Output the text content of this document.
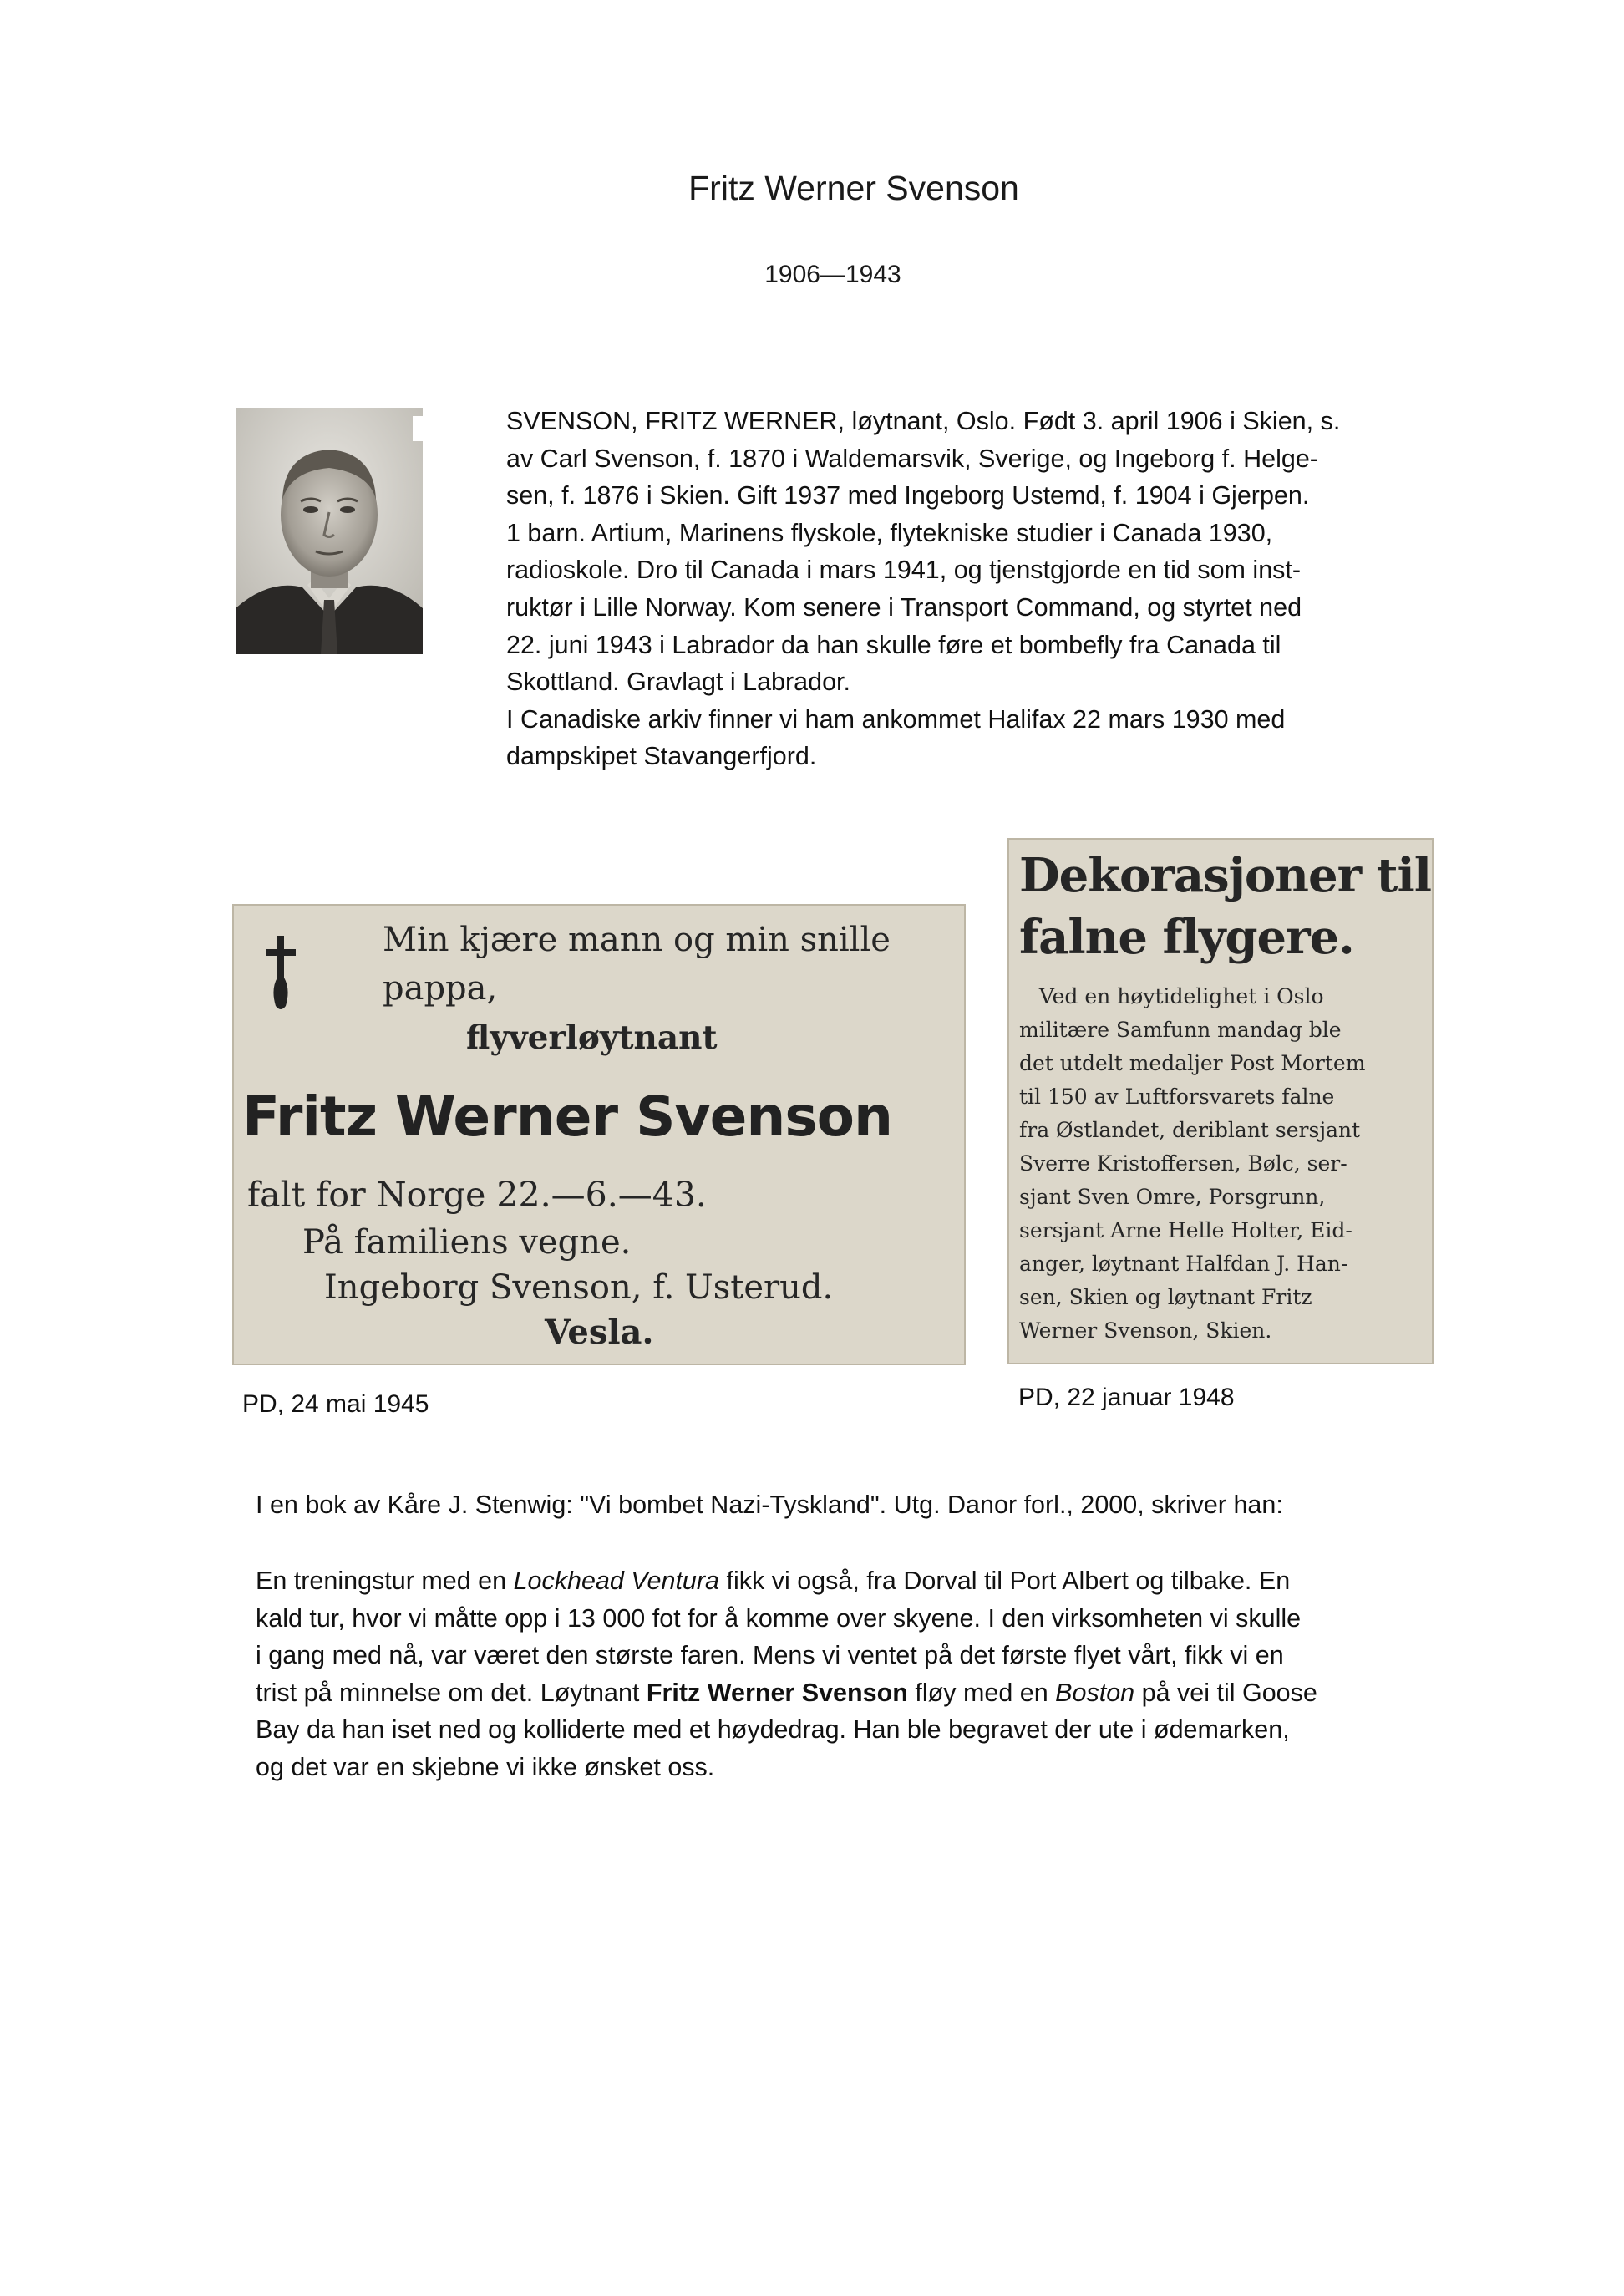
Fritz Werner Svenson
1906—1943
SVENSON, FRITZ WERNER, løytnant, Oslo. Født 3. april 1906 i Skien, s.
av Carl Svenson, f. 1870 i Waldemarsvik, Sverige, og Ingeborg f. Helge-
sen, f. 1876 i Skien. Gift 1937 med Ingeborg Ustemd, f. 1904 i Gjerpen.
1 barn. Artium, Marinens flyskole, flytekniske studier i Canada 1930,
radioskole. Dro til Canada i mars 1941, og tjenstgjorde en tid som inst-
ruktør i Lille Norway. Kom senere i Transport Command, og styrtet ned
22. juni 1943 i Labrador da han skulle føre et bombefly fra Canada til
Skottland. Gravlagt i Labrador.
I Canadiske arkiv finner vi ham ankommet Halifax 22 mars 1930 med
dampskipet Stavangerfjord.
Min kjære mann og min snille
pappa,
flyverløytnant
Fritz Werner Svenson
falt for Norge 22.—6.—43.
På familiens vegne.
Ingeborg Svenson, f. Usterud.
Vesla.
Dekorasjoner til
falne flygere.
Ved en høytidelighet i Oslo
militære Samfunn mandag ble
det utdelt medaljer Post Mortem
til 150 av Luftforsvarets falne
fra Østlandet, deriblant sersjant
Sverre Kristoffersen, Bølc, ser-
sjant Sven Omre, Porsgrunn,
sersjant Arne Helle Holter, Eid-
anger, løytnant Halfdan J. Han-
sen, Skien og løytnant Fritz
Werner Svenson, Skien.
PD, 24 mai 1945	PD, 22 januar 1948
I en bok av Kåre J. Stenwig: "Vi bombet Nazi-Tyskland". Utg. Danor forl., 2000, skriver han:
En treningstur med en Lockhead Ventura fikk vi også, fra Dorval til Port Albert og tilbake. En
kald tur, hvor vi måtte opp i 13 000 fot for å komme over skyene. I den virksomheten vi skulle
i gang med nå, var været den største faren. Mens vi ventet på det første flyet vårt, fikk vi en
trist på minnelse om det. Løytnant Fritz Werner Svenson fløy med en Boston på vei til Goose
Bay da han iset ned og kolliderte med et høydedrag. Han ble begravet der ute i ødemarken,
og det var en skjebne vi ikke ønsket oss.
